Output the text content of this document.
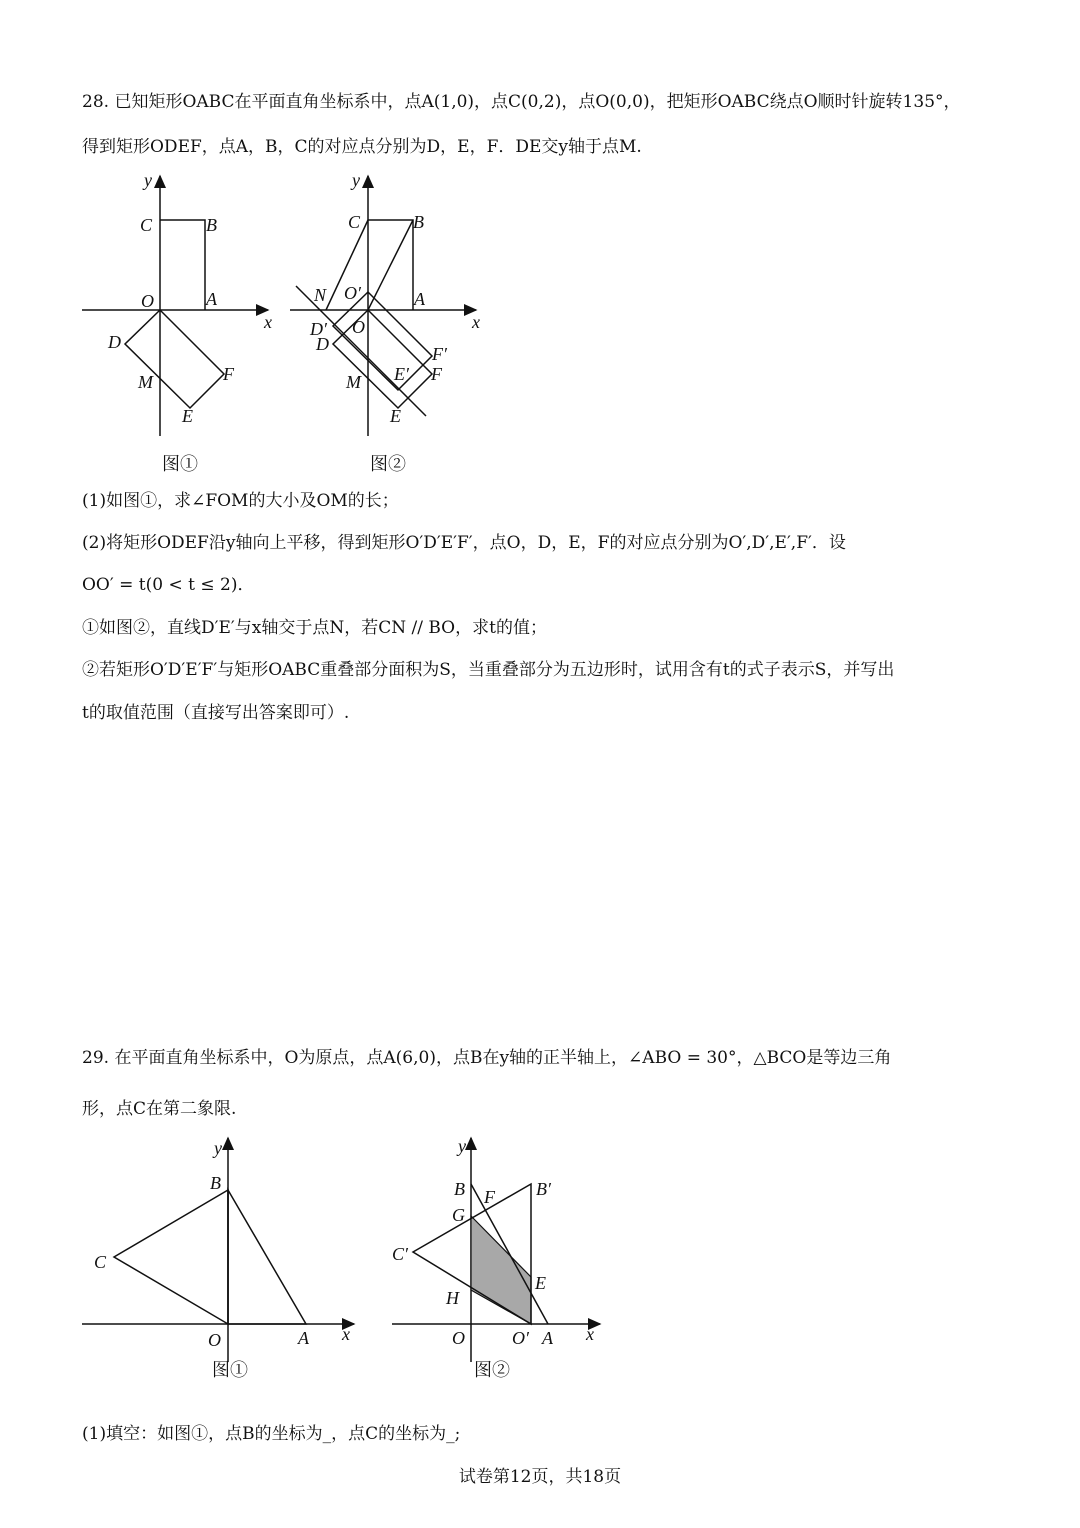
28. 已知矩形OABC在平面直角坐标系中，点A(1,0)，点C(0,2)，点O(0,0)，把矩形OABC绕点O顺时针旋转135°，
得到矩形ODEF，点A，B，C的对应点分别为D，E，F．DE交y轴于点M.
y
x
C	B
O	A
D
M	F
E
图①
y
x
C	B
N O′	A
D′ O
D	F′
E′ F
M
E
图②
(1)如图①，求∠FOM的大小及OM的长；
(2)将矩形ODEF沿y轴向上平移，得到矩形O′D′E′F′，点O，D，E，F的对应点分别为O′,D′,E′,F′．设
OO′ = t(0 < t ≤ 2)．
①如图②，直线D′E′与x轴交于点N，若CN // BO，求t的值；
②若矩形O′D′E′F′与矩形OABC重叠部分面积为S，当重叠部分为五边形时，试用含有t的式子表示S，并写出
t的取值范围（直接写出答案即可）.
29. 在平面直角坐标系中，O为原点，点A(6,0)，点B在y轴的正半轴上，∠ABO = 30°，△BCO是等边三角
形，点C在第二象限.
y
B
C
O	A x
图①
y
B F B′
G
C′
E
H
O	O′ A x
图②
(1)填空：如图①，点B的坐标为_，点C的坐标为_;
试卷第12页，共18页
